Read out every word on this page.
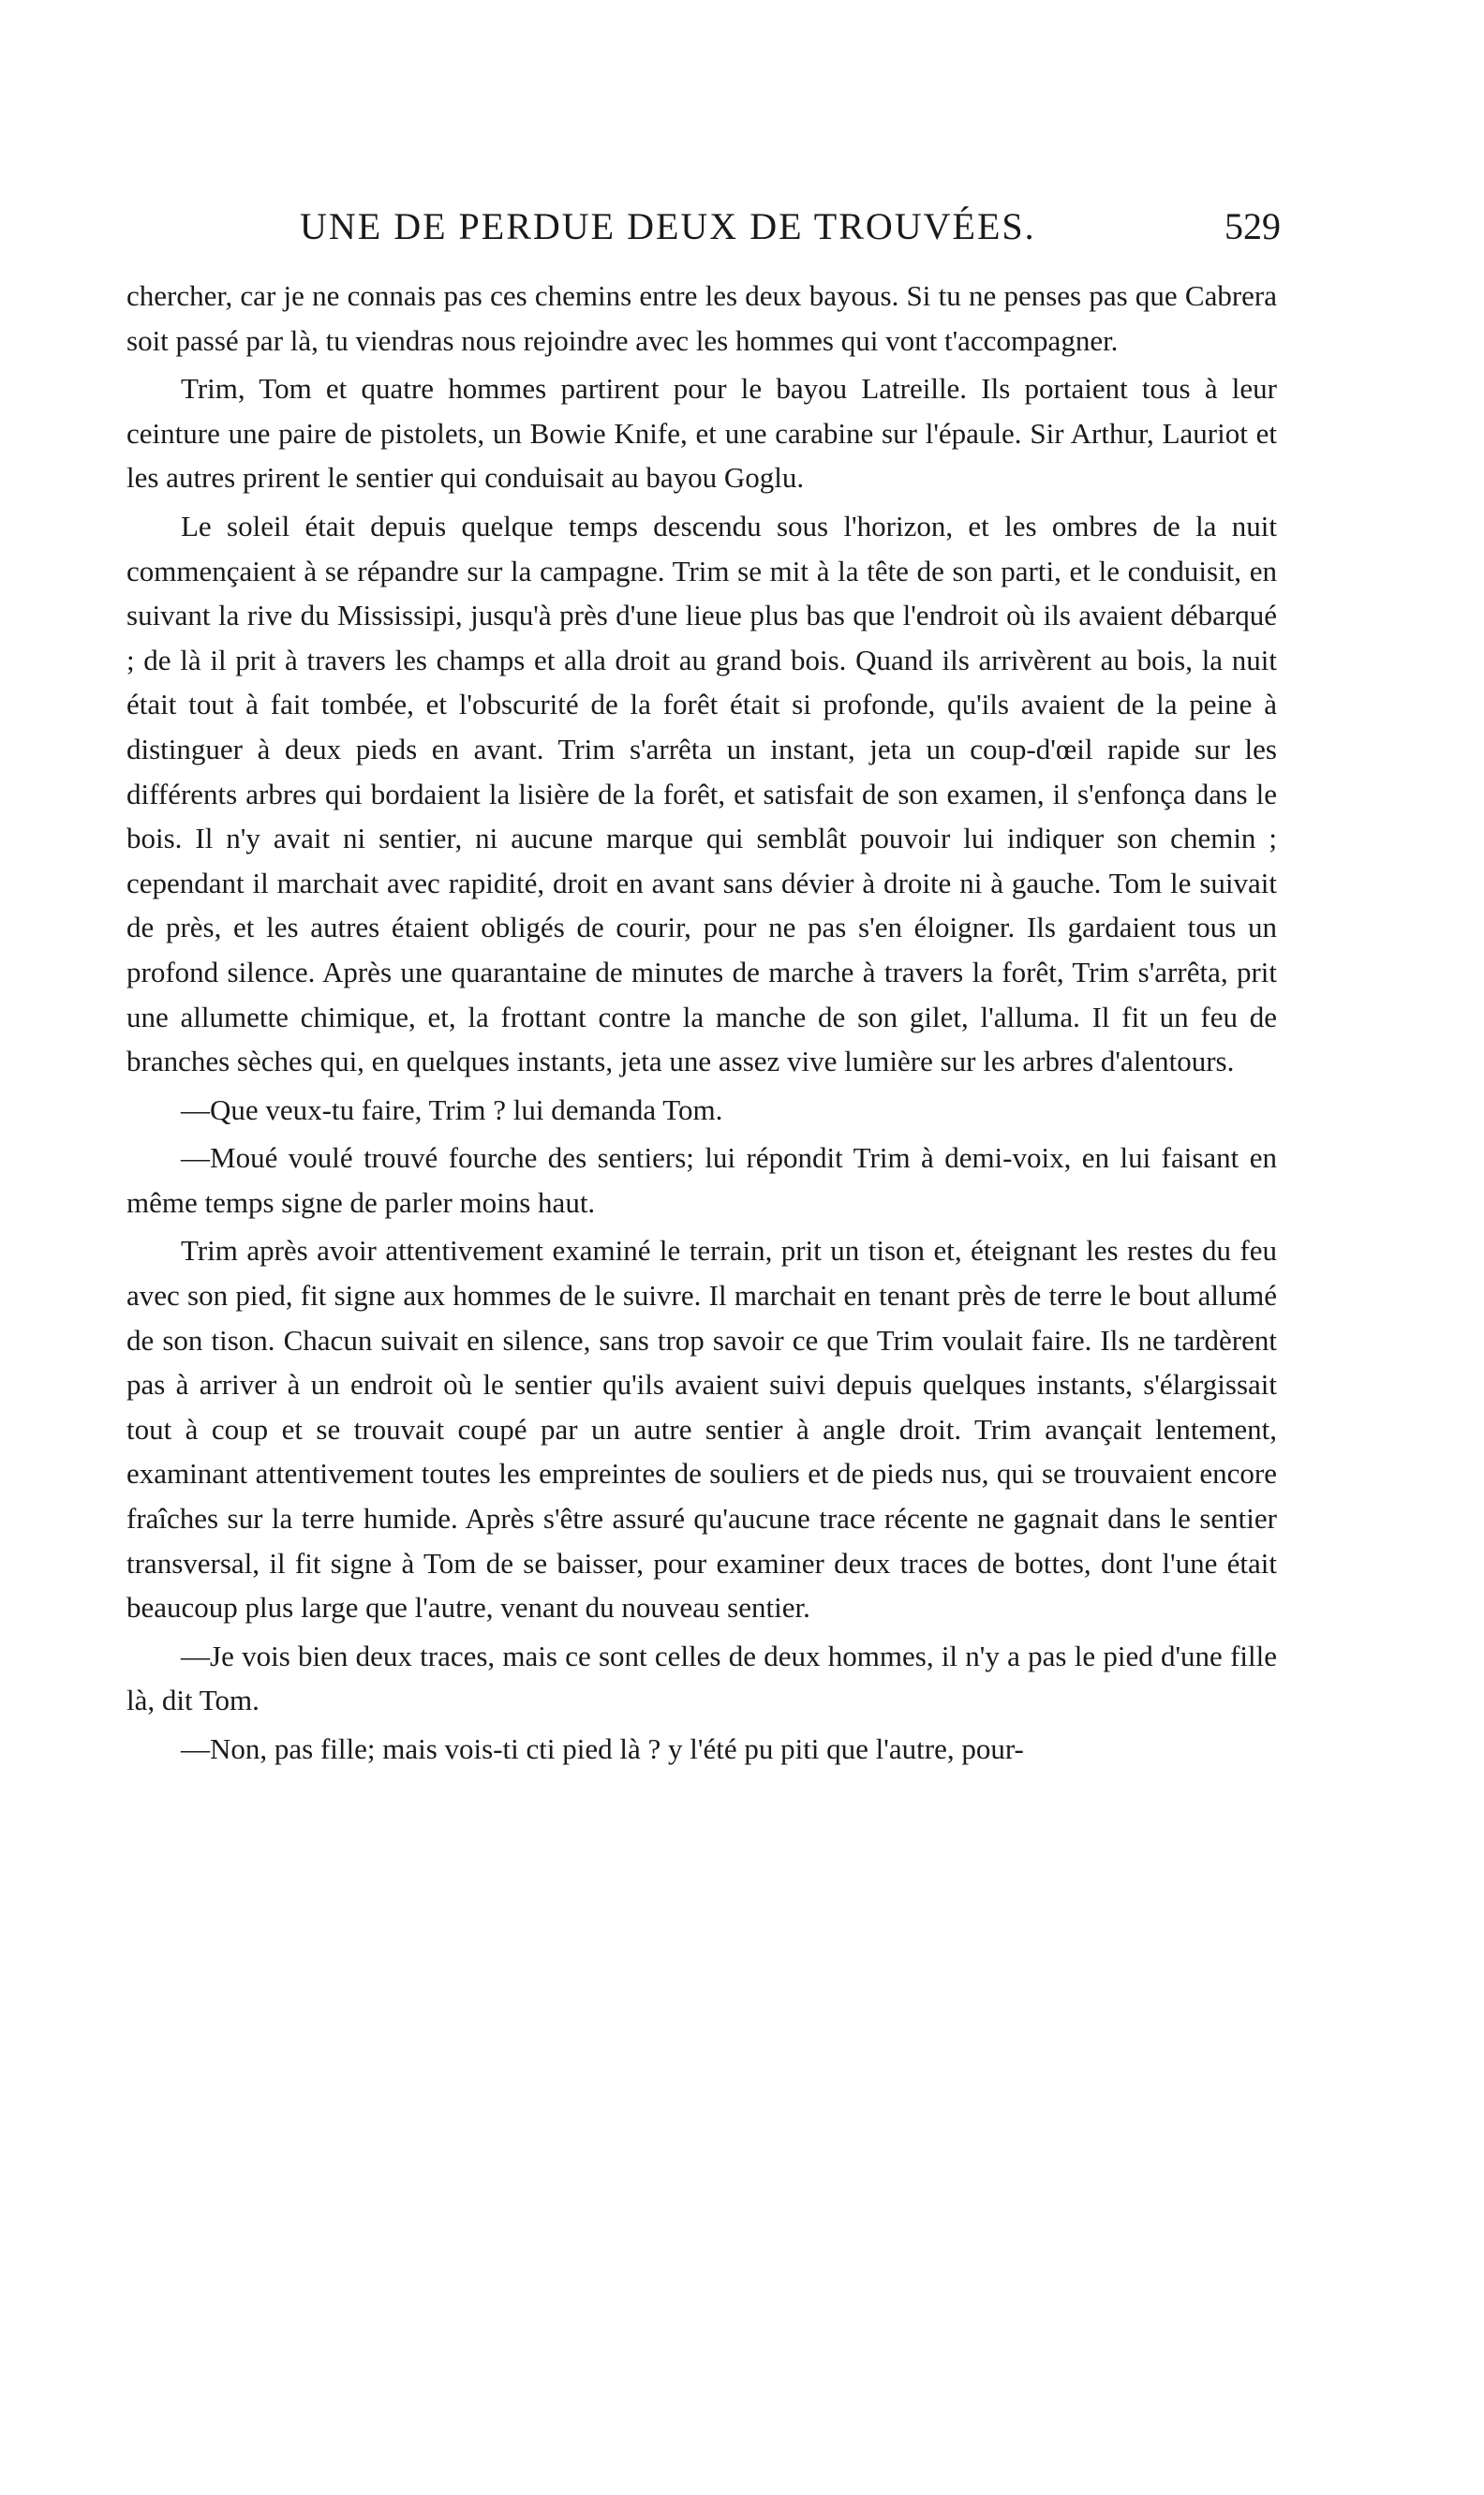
UNE DE PERDUE DEUX DE TROUVÉES.	529

chercher, car je ne connais pas ces chemins entre les deux bayous. Si tu ne penses pas que Cabrera soit passé par là, tu viendras nous rejoindre avec les hommes qui vont t'accompagner.

Trim, Tom et quatre hommes partirent pour le bayou Latreille. Ils portaient tous à leur ceinture une paire de pistolets, un Bowie Knife, et une carabine sur l'épaule. Sir Arthur, Lauriot et les autres prirent le sentier qui conduisait au bayou Goglu.

Le soleil était depuis quelque temps descendu sous l'horizon, et les ombres de la nuit commençaient à se répandre sur la campagne. Trim se mit à la tête de son parti, et le conduisit, en suivant la rive du Mississipi, jusqu'à près d'une lieue plus bas que l'endroit où ils avaient débarqué ; de là il prit à travers les champs et alla droit au grand bois. Quand ils arrivèrent au bois, la nuit était tout à fait tombée, et l'obscurité de la forêt était si profonde, qu'ils avaient de la peine à distinguer à deux pieds en avant. Trim s'arrêta un instant, jeta un coup-d'œil rapide sur les différents arbres qui bordaient la lisière de la forêt, et satisfait de son examen, il s'enfonça dans le bois. Il n'y avait ni sentier, ni aucune marque qui semblât pouvoir lui indiquer son chemin ; cependant il marchait avec rapidité, droit en avant sans dévier à droite ni à gauche. Tom le suivait de près, et les autres étaient obligés de courir, pour ne pas s'en éloigner. Ils gardaient tous un profond silence. Après une quarantaine de minutes de marche à travers la forêt, Trim s'arrêta, prit une allumette chimique, et, la frottant contre la manche de son gilet, l'alluma. Il fit un feu de branches sèches qui, en quelques instants, jeta une assez vive lumière sur les arbres d'alentours.

—Que veux-tu faire, Trim ? lui demanda Tom.

—Moué voulé trouvé fourche des sentiers; lui répondit Trim à demi-voix, en lui faisant en même temps signe de parler moins haut.

Trim après avoir attentivement examiné le terrain, prit un tison et, éteignant les restes du feu avec son pied, fit signe aux hommes de le suivre. Il marchait en tenant près de terre le bout allumé de son tison. Chacun suivait en silence, sans trop savoir ce que Trim voulait faire. Ils ne tardèrent pas à arriver à un endroit où le sentier qu'ils avaient suivi depuis quelques instants, s'élargissait tout à coup et se trouvait coupé par un autre sentier à angle droit. Trim avançait lentement, examinant attentivement toutes les empreintes de souliers et de pieds nus, qui se trouvaient encore fraîches sur la terre humide. Après s'être assuré qu'aucune trace récente ne gagnait dans le sentier transversal, il fit signe à Tom de se baisser, pour examiner deux traces de bottes, dont l'une était beaucoup plus large que l'autre, venant du nouveau sentier.

—Je vois bien deux traces, mais ce sont celles de deux hommes, il n'y a pas le pied d'une fille là, dit Tom.

—Non, pas fille; mais vois-ti cti pied là ? y l'été pu piti que l'autre, pour-
